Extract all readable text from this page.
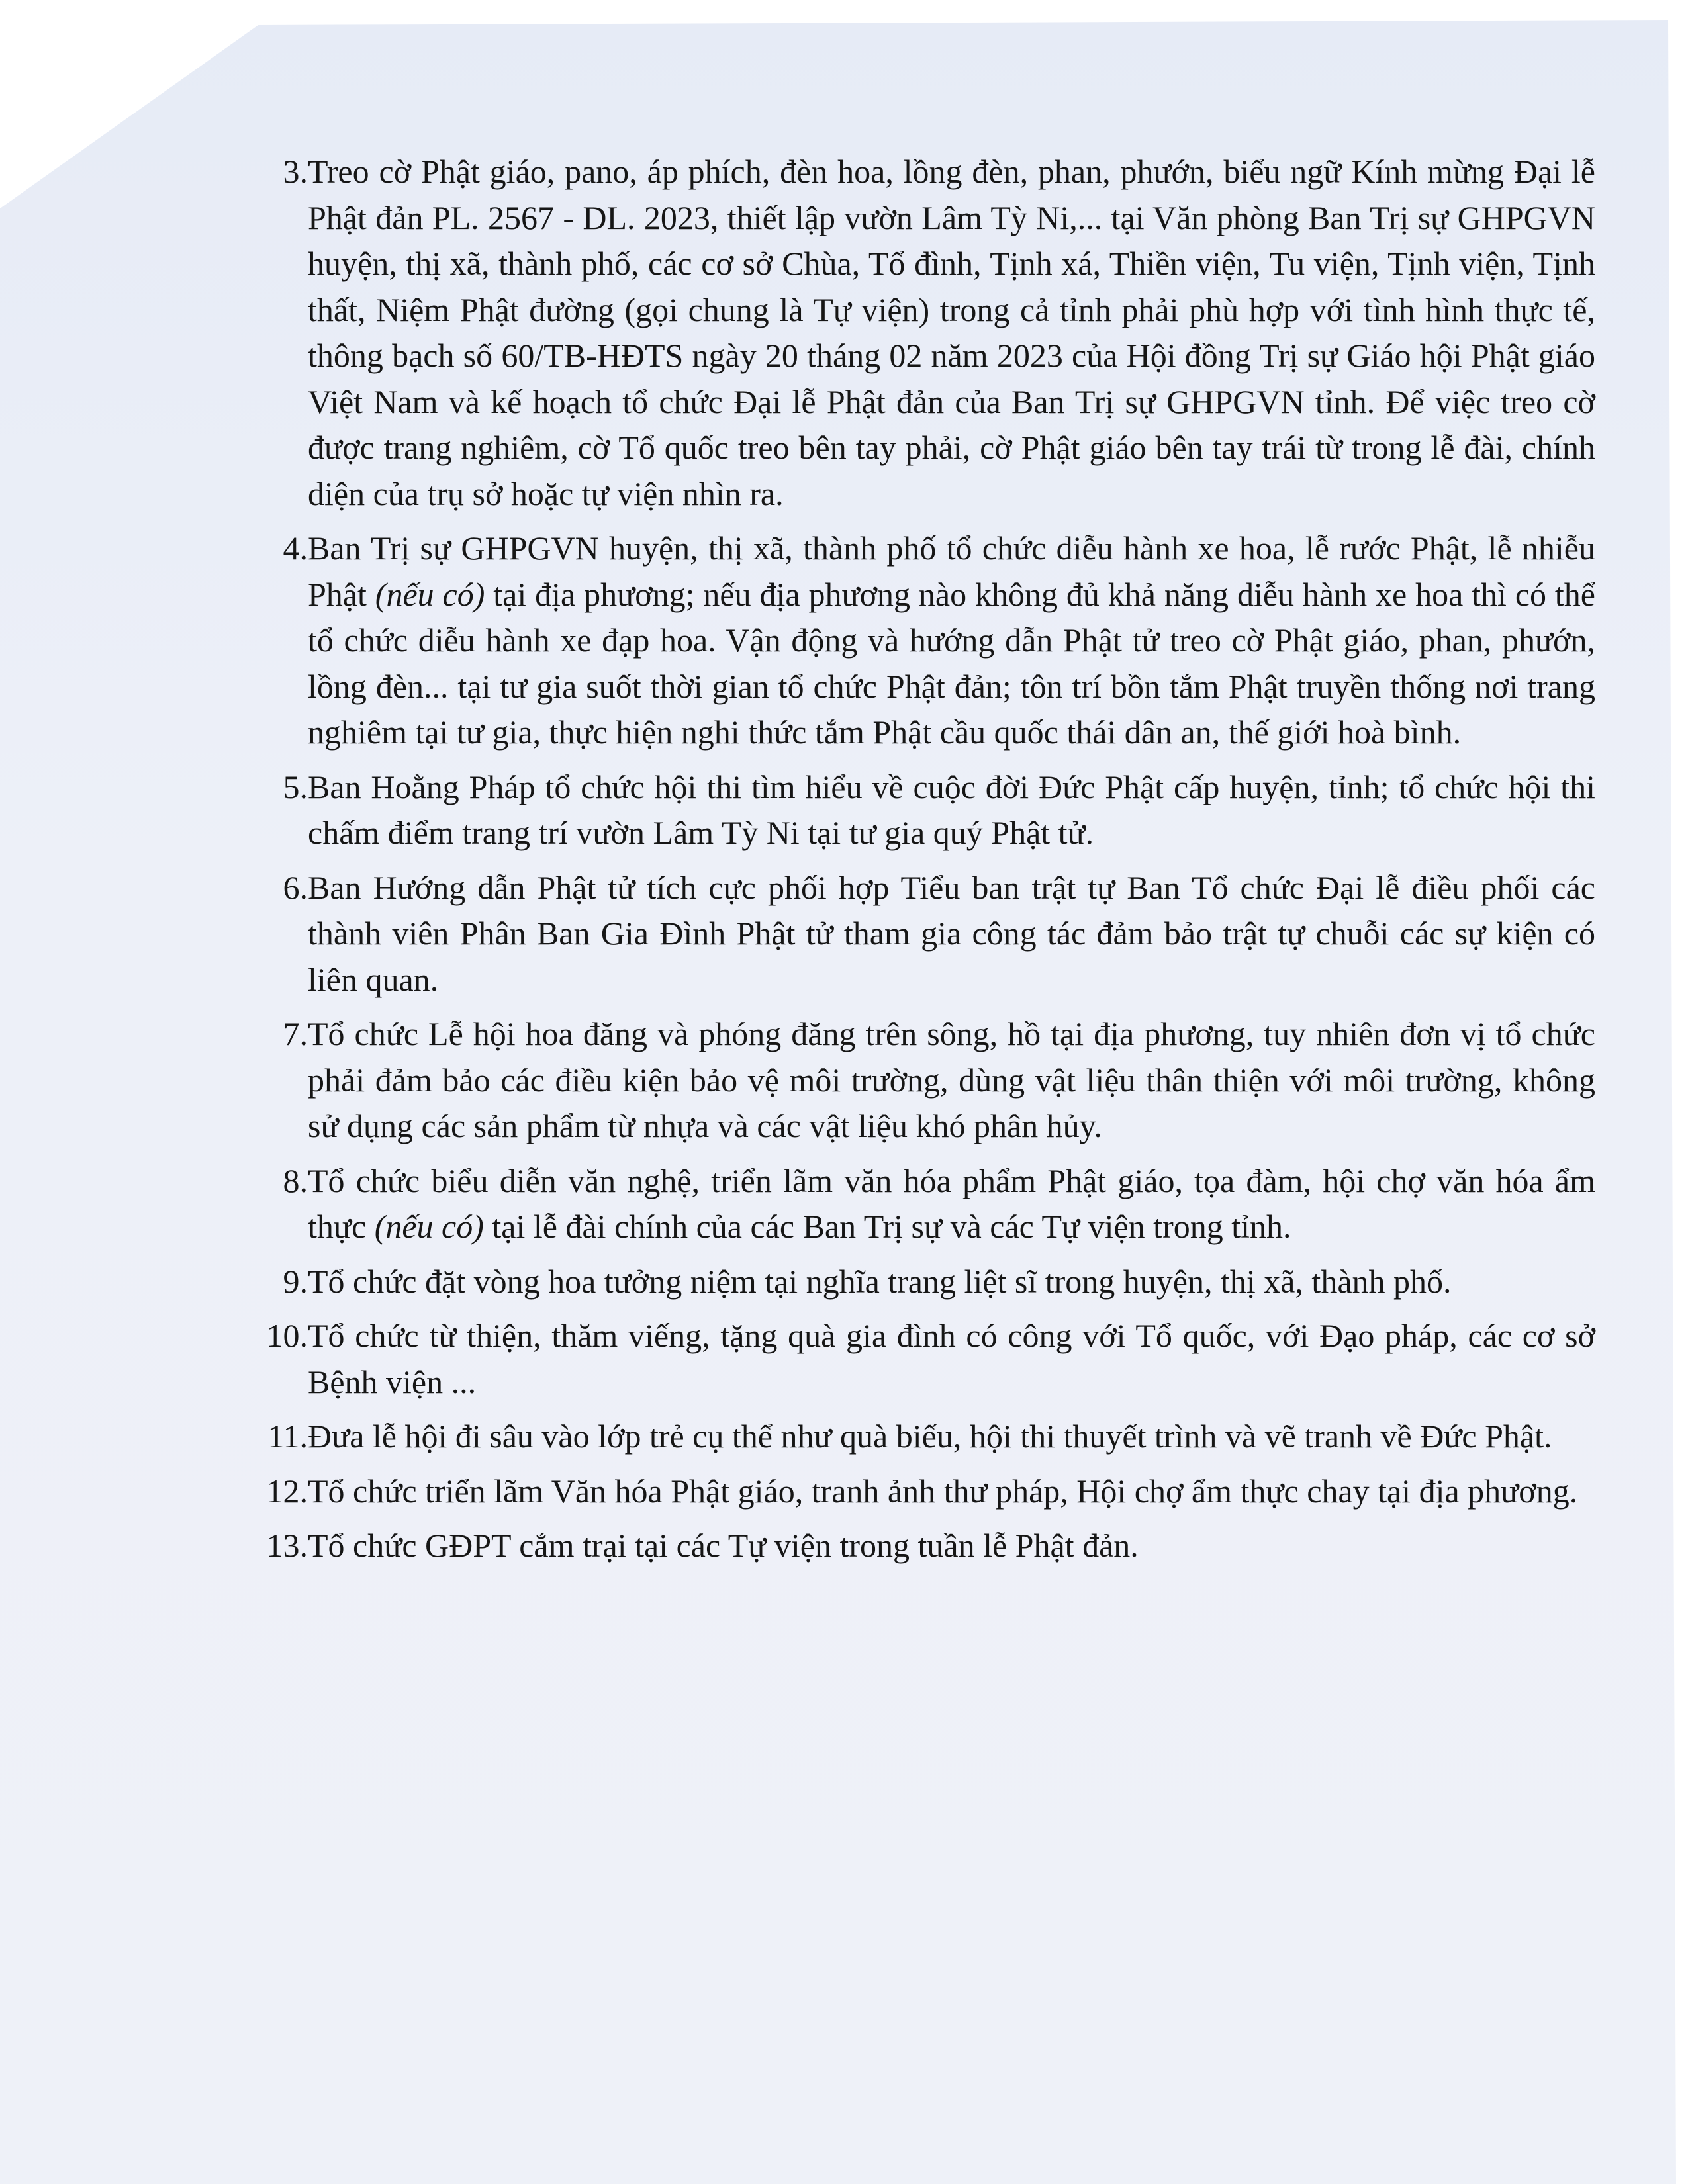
3. Treo cờ Phật giáo, pano, áp phích, đèn hoa, lồng đèn, phan, phướn, biểu ngữ Kính mừng Đại lễ Phật đản PL. 2567 - DL. 2023, thiết lập vườn Lâm Tỳ Ni,... tại Văn phòng Ban Trị sự GHPGVN huyện, thị xã, thành phố, các cơ sở Chùa, Tổ đình, Tịnh xá, Thiền viện, Tu viện, Tịnh viện, Tịnh thất, Niệm Phật đường (gọi chung là Tự viện) trong cả tỉnh phải phù hợp với tình hình thực tế, thông bạch số 60/TB-HĐTS ngày 20 tháng 02 năm 2023 của Hội đồng Trị sự Giáo hội Phật giáo Việt Nam và kế hoạch tổ chức Đại lễ Phật đản của Ban Trị sự GHPGVN tỉnh. Để việc treo cờ được trang nghiêm, cờ Tổ quốc treo bên tay phải, cờ Phật giáo bên tay trái từ trong lễ đài, chính diện của trụ sở hoặc tự viện nhìn ra.
4. Ban Trị sự GHPGVN huyện, thị xã, thành phố tổ chức diễu hành xe hoa, lễ rước Phật, lễ nhiễu Phật (nếu có) tại địa phương; nếu địa phương nào không đủ khả năng diễu hành xe hoa thì có thể tổ chức diễu hành xe đạp hoa. Vận động và hướng dẫn Phật tử treo cờ Phật giáo, phan, phướn, lồng đèn... tại tư gia suốt thời gian tổ chức Phật đản; tôn trí bồn tắm Phật truyền thống nơi trang nghiêm tại tư gia, thực hiện nghi thức tắm Phật cầu quốc thái dân an, thế giới hoà bình.
5. Ban Hoằng Pháp tổ chức hội thi tìm hiểu về cuộc đời Đức Phật cấp huyện, tỉnh; tổ chức hội thi chấm điểm trang trí vườn Lâm Tỳ Ni tại tư gia quý Phật tử.
6. Ban Hướng dẫn Phật tử tích cực phối hợp Tiểu ban trật tự Ban Tổ chức Đại lễ điều phối các thành viên Phân Ban Gia Đình Phật tử tham gia công tác đảm bảo trật tự chuỗi các sự kiện có liên quan.
7. Tổ chức Lễ hội hoa đăng và phóng đăng trên sông, hồ tại địa phương, tuy nhiên đơn vị tổ chức phải đảm bảo các điều kiện bảo vệ môi trường, dùng vật liệu thân thiện với môi trường, không sử dụng các sản phẩm từ nhựa và các vật liệu khó phân hủy.
8. Tổ chức biểu diễn văn nghệ, triển lãm văn hóa phẩm Phật giáo, tọa đàm, hội chợ văn hóa ẩm thực (nếu có) tại lễ đài chính của các Ban Trị sự và các Tự viện trong tỉnh.
9. Tổ chức đặt vòng hoa tưởng niệm tại nghĩa trang liệt sĩ trong huyện, thị xã, thành phố.
10. Tổ chức từ thiện, thăm viếng, tặng quà gia đình có công với Tổ quốc, với Đạo pháp, các cơ sở Bệnh viện ...
11. Đưa lễ hội đi sâu vào lớp trẻ cụ thể như quà biếu, hội thi thuyết trình và vẽ tranh về Đức Phật.
12. Tổ chức triển lãm Văn hóa Phật giáo, tranh ảnh thư pháp, Hội chợ ẩm thực chay tại địa phương.
13. Tổ chức GĐPT cắm trại tại các Tự viện trong tuần lễ Phật đản.
